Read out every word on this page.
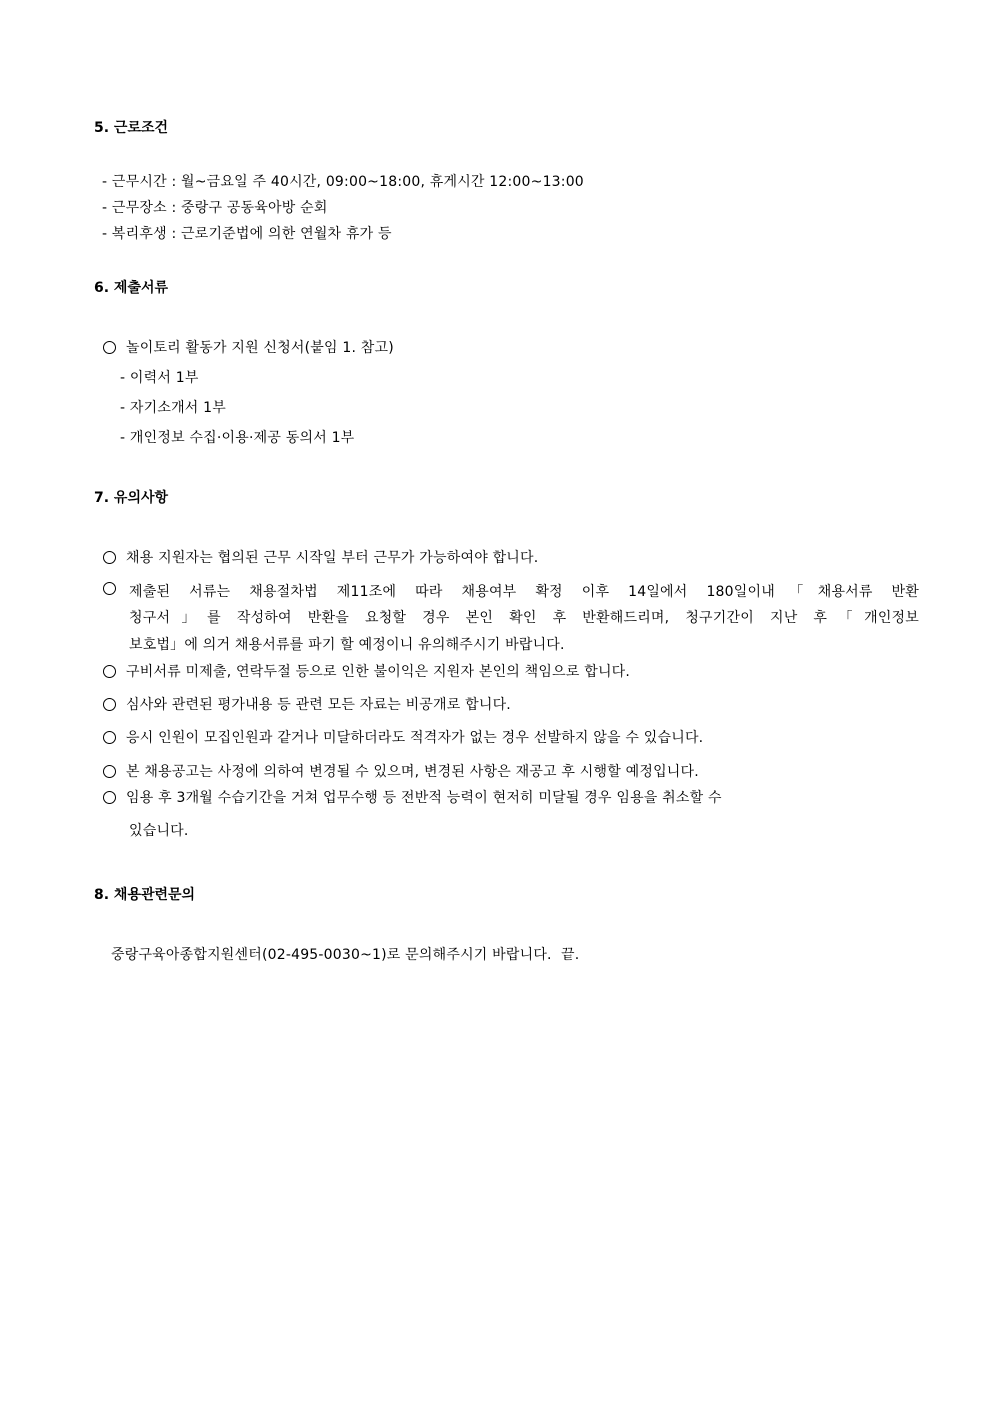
5. 근로조건
- 근무시간 : 월~금요일 주 40시간, 09:00~18:00, 휴게시간 12:00~13:00
- 근무장소 : 중랑구 공동육아방 순회
- 복리후생 : 근로기준법에 의한 연월차 휴가 등
6. 제출서류
놀이토리 활동가 지원 신청서(붙임 1. 참고)
- 이력서 1부
- 자기소개서 1부
- 개인정보 수집·이용·제공 동의서 1부
7. 유의사항
채용 지원자는 협의된 근무 시작일 부터 근무가 가능하여야 합니다.
제출된 서류는 채용절차법 제11조에 따라 채용여부 확정 이후 14일에서 180일이내「채용서류 반환
청구서」를 작성하여 반환을 요청할 경우 본인 확인 후 반환해드리며, 청구기간이 지난 후「개인정보
보호법」에 의거 채용서류를 파기 할 예정이니 유의해주시기 바랍니다.
구비서류 미제출, 연락두절 등으로 인한 불이익은 지원자 본인의 책임으로 합니다.
심사와 관련된 평가내용 등 관련 모든 자료는 비공개로 합니다.
응시 인원이 모집인원과 같거나 미달하더라도 적격자가 없는 경우 선발하지 않을 수 있습니다.
본 채용공고는 사정에 의하여 변경될 수 있으며, 변경된 사항은 재공고 후 시행할 예정입니다.
임용 후 3개월 수습기간을 거쳐 업무수행 등 전반적 능력이 현저히 미달될 경우 임용을 취소할 수
있습니다.
8. 채용관련문의
중랑구육아종합지원센터(02-495-0030~1)로 문의해주시기 바랍니다.  끝.
